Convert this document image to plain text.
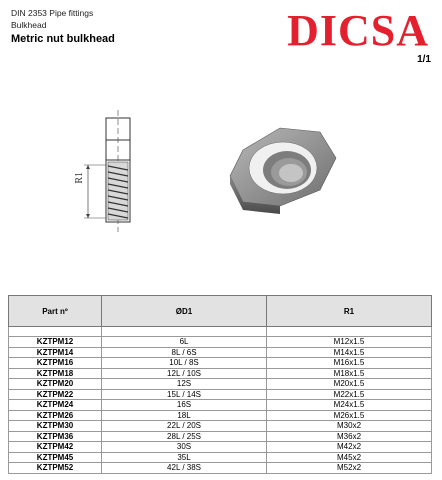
DIN 2353 Pipe fittings
Bulkhead
Metric nut bulkhead	DICSA
1/1
R1
Part nº	ØD1	R1

KZTPM12	6L	M12x1.5
KZTPM14	8L / 6S	M14x1.5
KZTPM16	10L / 8S	M16x1.5
KZTPM18	12L / 10S	M18x1.5
KZTPM20	12S	M20x1.5
KZTPM22	15L / 14S	M22x1.5
KZTPM24	16S	M24x1.5
KZTPM26	18L	M26x1.5
KZTPM30	22L / 20S	M30x2
KZTPM36	28L / 25S	M36x2
KZTPM42	30S	M42x2
KZTPM45	35L	M45x2
KZTPM52	42L / 38S	M52x2
